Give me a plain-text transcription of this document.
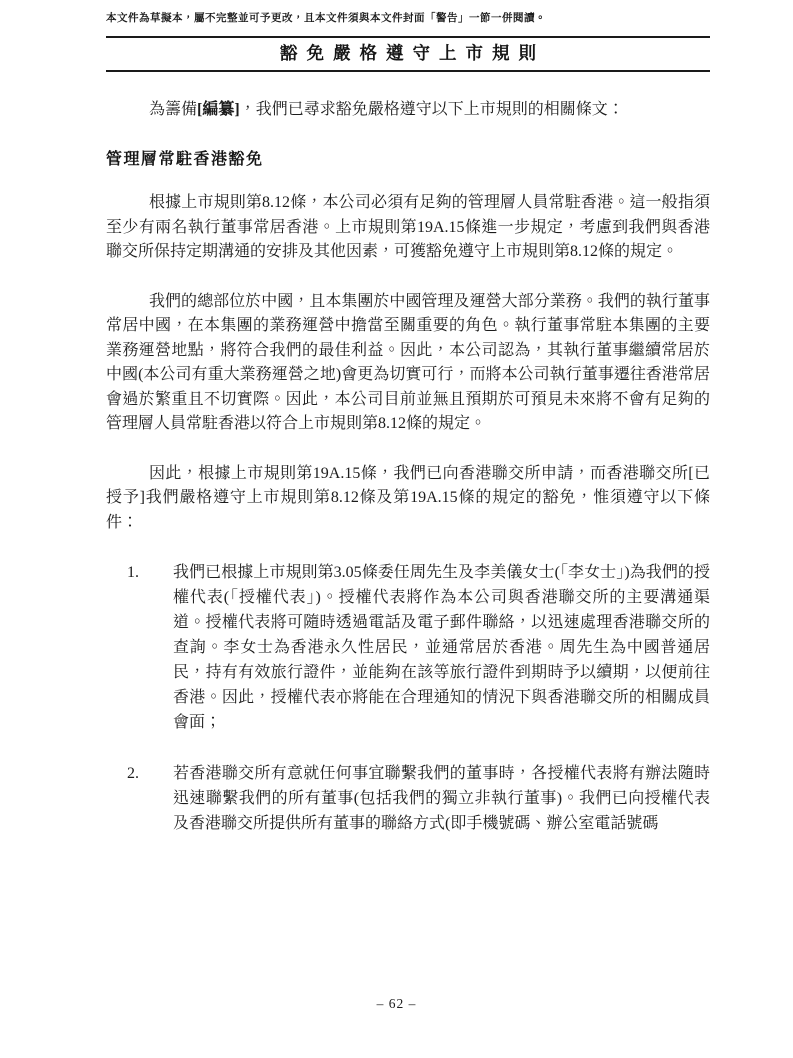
本文件為草擬本，屬不完整並可予更改，且本文件須與本文件封面「警告」一節一併閱讀。

豁免嚴格遵守上市規則

為籌備[編纂]，我們已尋求豁免嚴格遵守以下上市規則的相關條文：

管理層常駐香港豁免

根據上市規則第8.12條，本公司必須有足夠的管理層人員常駐香港。這一般指須至少有兩名執行董事常居香港。上市規則第19A.15條進一步規定，考慮到我們與香港聯交所保持定期溝通的安排及其他因素，可獲豁免遵守上市規則第8.12條的規定。

我們的總部位於中國，且本集團於中國管理及運營大部分業務。我們的執行董事常居中國，在本集團的業務運營中擔當至關重要的角色。執行董事常駐本集團的主要業務運營地點，將符合我們的最佳利益。因此，本公司認為，其執行董事繼續常居於中國(本公司有重大業務運營之地)會更為切實可行，而將本公司執行董事遷往香港常居會過於繁重且不切實際。因此，本公司目前並無且預期於可預見未來將不會有足夠的管理層人員常駐香港以符合上市規則第8.12條的規定。

因此，根據上市規則第19A.15條，我們已向香港聯交所申請，而香港聯交所[已授予]我們嚴格遵守上市規則第8.12條及第19A.15條的規定的豁免，惟須遵守以下條件：

1.	我們已根據上市規則第3.05條委任周先生及李美儀女士(「李女士」)為我們的授權代表(「授權代表」)。授權代表將作為本公司與香港聯交所的主要溝通渠道。授權代表將可隨時透過電話及電子郵件聯絡，以迅速處理香港聯交所的查詢。李女士為香港永久性居民，並通常居於香港。周先生為中國普通居民，持有有效旅行證件，並能夠在該等旅行證件到期時予以續期，以便前往香港。因此，授權代表亦將能在合理通知的情況下與香港聯交所的相關成員會面；
2.	若香港聯交所有意就任何事宜聯繫我們的董事時，各授權代表將有辦法隨時迅速聯繫我們的所有董事(包括我們的獨立非執行董事)。我們已向授權代表及香港聯交所提供所有董事的聯絡方式(即手機號碼、辦公室電話號碼
– 62 –
